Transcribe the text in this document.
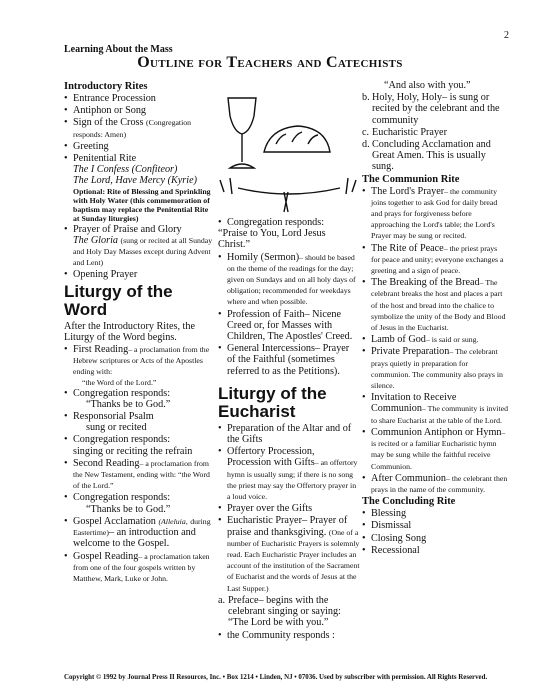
2
Learning About the Mass
Outline for Teachers and Catechists
Introductory Rites
• Entrance Procession
• Antiphon or Song
• Sign of the Cross (Congregation responds: Amen)
• Greeting
• Penitential Rite
The I Confess (Confiteor)
The Lord, Have Mercy (Kyrie)
Optional: Rite of Blessing and Sprinkling with Holy Water (this commemoration of baptism may replace the Penitential Rite at Sunday liturgies)
• Prayer of Praise and Glory
The Gloria (sung or recited at all Sunday and Holy Day Masses except during Advent and Lent)
• Opening Prayer
Liturgy of the Word
After the Introductory Rites, the Liturgy of the Word begins.
• First Reading– a proclamation from the Hebrew scriptures or Acts of the Apostles ending with:
“the Word of the Lord.”
• Congregation responds:
“Thanks be to God.”
• Responsorial Psalm
sung or recited
• Congregation responds:
singing or reciting the refrain
• Second Reading– a proclamation from the New Testament, ending with: “the Word of the Lord.”
• Congregation responds:
“Thanks be to God.”
• Gospel Acclamation (Alleluia, during Eastertime)– an introduction and welcome to the Gospel.
• Gospel Reading– a proclamation taken from one of the four gospels written by Matthew, Mark, Luke or John.
• Congregation responds:
“Praise to You, Lord Jesus Christ.”
• Homily (Sermon)– should be based on the theme of the readings for the day; given on Sundays and on all holy days of obligation; recommended for weekdays where and when possible.
• Profession of Faith– Nicene Creed or, for Masses with Children, The Apostles' Creed.
• General Intercessions– Prayer of the Faithful (sometimes referred to as the Petitions).
Liturgy of the Eucharist
• Preparation of the Altar and of the Gifts
• Offertory Procession, Procession with Gifts– an offertory hymn is usually sung; if there is no song the priest may say the Offertory prayer in a loud voice.
• Prayer over the Gifts
• Eucharistic Prayer– Prayer of praise and thanksgiving. (One of a number of Eucharistic Prayers is solemnly read. Each Eucharistic Prayer includes an account of the institution of the Sacrament of Eucharist and the words of Jesus at the Last Supper.)
a. Preface– begins with the celebrant singing or saying: “The Lord be with you.”
• the Community responds :
“And also with you.”
b. Holy, Holy, Holy– is sung or recited by the celebrant and the community
c. Eucharistic Prayer
d. Concluding Acclamation and Great Amen. This is usually sung.
The Communion Rite
• The Lord's Prayer– the community joins together to ask God for daily bread and prays for forgiveness before approaching the Lord's table; the Lord's Prayer may be sung or recited.
• The Rite of Peace– the priest prays for peace and unity; everyone exchanges a greeting and a sign of peace.
• The Breaking of the Bread– The celebrant breaks the host and places a part of the host and bread into the chalice to symbolize the unity of the Body and Blood of Jesus in the Eucharist.
• Lamb of God– is said or sung.
• Private Preparation– The celebrant prays quietly in preparation for communion. The community also prays in silence.
• Invitation to Receive Communion– The community is invited to share Eucharist at the table of the Lord.
• Communion Antiphon or Hymn– is recited or a familiar Eucharistic hymn may be sung while the faithful receive Communion.
• After Communion– the celebrant then prays in the name of the community.
The Concluding Rite
• Blessing
• Dismissal
• Closing Song
• Recessional
Copyright © 1992 by Journal Press II Resources, Inc. • Box 1214 • Linden, NJ • 07036. Used by subscriber with permission. All Rights Reserved.
